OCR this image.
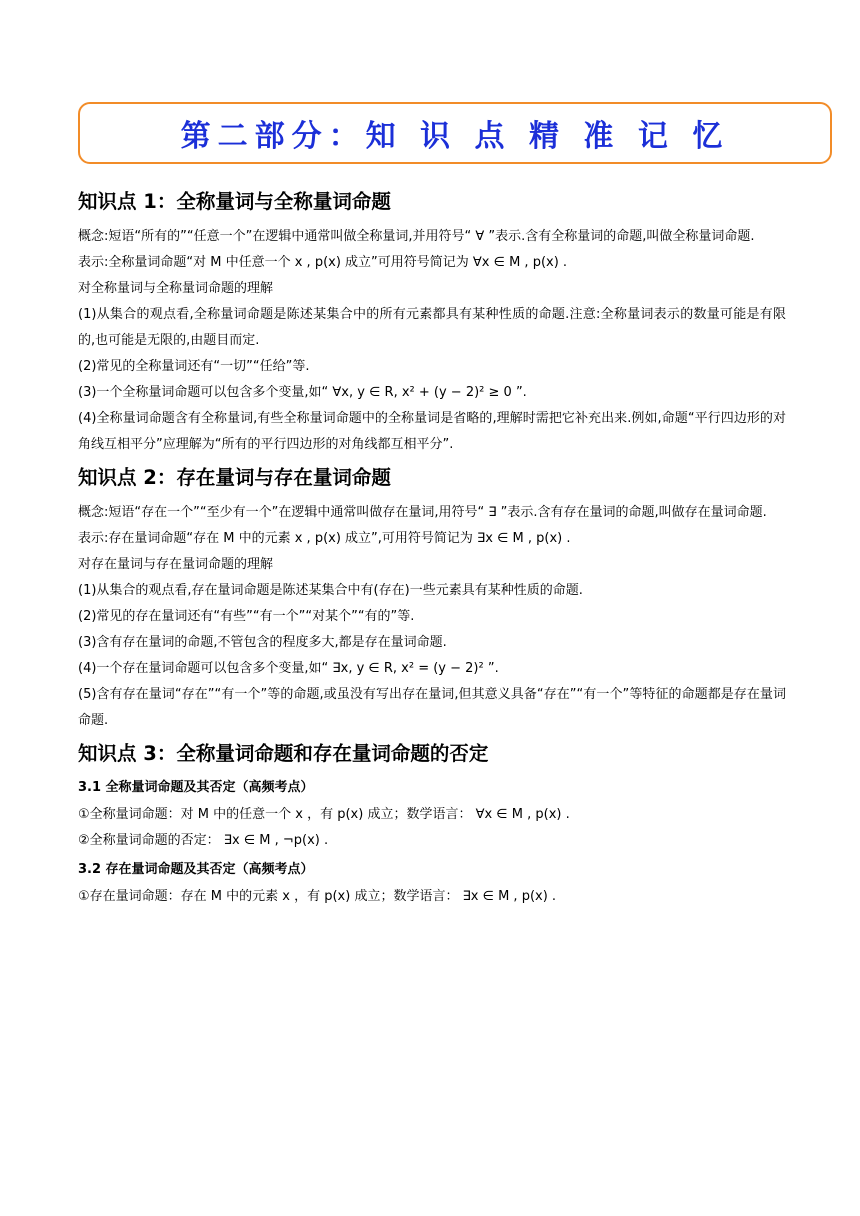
第二部分：知 识 点 精 准 记 忆
知识点 1：全称量词与全称量词命题

概念:短语“所有的”“任意一个”在逻辑中通常叫做全称量词,并用符号“ ∀ ”表示.含有全称量词的命题,叫做全称量词命题.

表示:全称量词命题“对 M 中任意一个 x , p(x) 成立”可用符号简记为 ∀x ∈ M , p(x) .

对全称量词与全称量词命题的理解

(1)从集合的观点看,全称量词命题是陈述某集合中的所有元素都具有某种性质的命题.注意:全称量词表示的数量可能是有限的,也可能是无限的,由题目而定.

(2)常见的全称量词还有“一切”“任给”等.

(3)一个全称量词命题可以包含多个变量,如“ ∀x, y ∈ R, x² + (y − 2)² ≥ 0 ”.

(4)全称量词命题含有全称量词,有些全称量词命题中的全称量词是省略的,理解时需把它补充出来.例如,命题“平行四边形的对角线互相平分”应理解为“所有的平行四边形的对角线都互相平分”.

知识点 2：存在量词与存在量词命题

概念:短语“存在一个”“至少有一个”在逻辑中通常叫做存在量词,用符号“ ∃ ”表示.含有存在量词的命题,叫做存在量词命题.

表示:存在量词命题“存在 M 中的元素 x , p(x) 成立”,可用符号简记为 ∃x ∈ M , p(x) .

对存在量词与存在量词命题的理解

(1)从集合的观点看,存在量词命题是陈述某集合中有(存在)一些元素具有某种性质的命题.

(2)常见的存在量词还有“有些”“有一个”“对某个”“有的”等.

(3)含有存在量词的命题,不管包含的程度多大,都是存在量词命题.

(4)一个存在量词命题可以包含多个变量,如“ ∃x, y ∈ R, x² = (y − 2)² ”.

(5)含有存在量词“存在”“有一个”等的命题,或虽没有写出存在量词,但其意义具备“存在”“有一个”等特征的命题都是存在量词命题.

知识点 3：全称量词命题和存在量词命题的否定
3.1 全称量词命题及其否定（高频考点）

①全称量词命题：对 M 中的任意一个 x ，有 p(x) 成立；数学语言： ∀x ∈ M , p(x) .

②全称量词命题的否定： ∃x ∈ M , ¬p(x) .

3.2 存在量词命题及其否定（高频考点）

①存在量词命题：存在 M 中的元素 x ，有 p(x) 成立；数学语言： ∃x ∈ M , p(x) .
